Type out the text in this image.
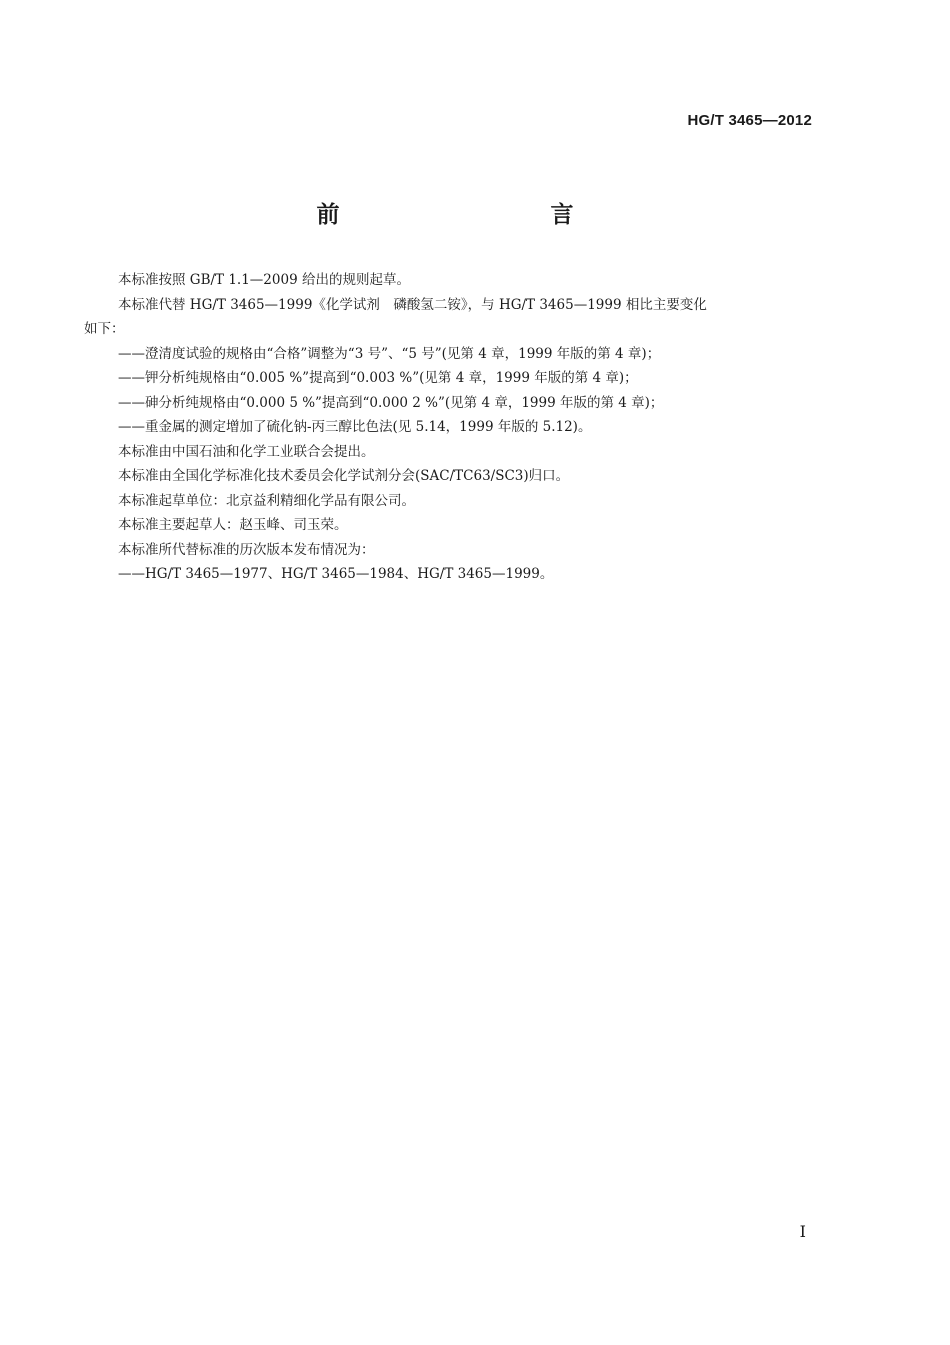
HG/T 3465—2012
前　　言

本标准按照 GB/T 1.1—2009 给出的规则起草。

本标准代替 HG/T 3465—1999《化学试剂　磷酸氢二铵》，与 HG/T 3465—1999 相比主要变化

如下：

——澄清度试验的规格由“合格”调整为“3 号”、“5 号”(见第 4 章，1999 年版的第 4 章)；

——钾分析纯规格由“0.005 %”提高到“0.003 %”(见第 4 章，1999 年版的第 4 章)；

——砷分析纯规格由“0.000 5 %”提高到“0.000 2 %”(见第 4 章，1999 年版的第 4 章)；

——重金属的测定增加了硫化钠-丙三醇比色法(见 5.14，1999 年版的 5.12)。

本标准由中国石油和化学工业联合会提出。

本标准由全国化学标准化技术委员会化学试剂分会(SAC/TC63/SC3)归口。

本标准起草单位：北京益利精细化学品有限公司。

本标准主要起草人：赵玉峰、司玉荣。

本标准所代替标准的历次版本发布情况为：

——HG/T 3465—1977、HG/T 3465—1984、HG/T 3465—1999。

I
